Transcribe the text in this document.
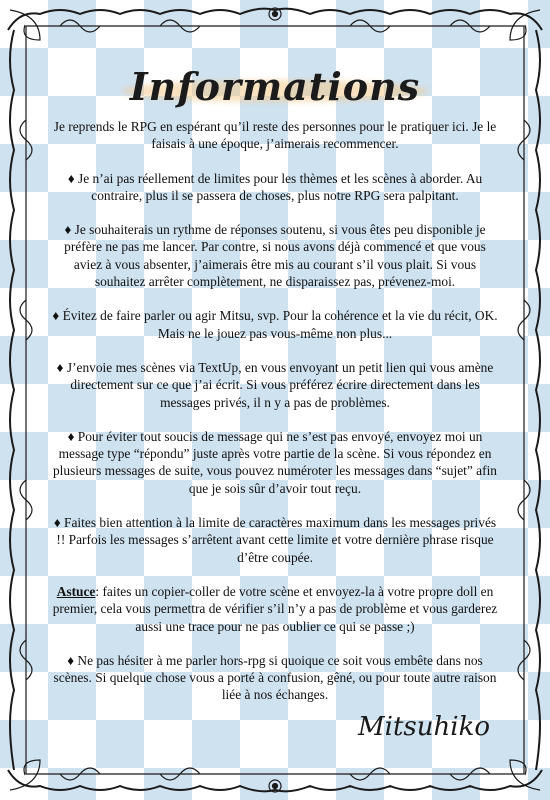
Informations

Je reprends le RPG en espérant qu’il reste des personnes pour le pratiquer ici. Je le faisais à une époque, j’aimerais recommencer.

♦ Je n’ai pas réellement de limites pour les thèmes et les scènes à aborder. Au contraire, plus il se passera de choses, plus notre RPG sera palpitant.

♦ Je souhaiterais un rythme de réponses soutenu, si vous êtes peu disponible je préfère ne pas me lancer. Par contre, si nous avons déjà commencé et que vous aviez à vous absenter, j’aimerais être mis au courant s’il vous plait. Si vous souhaitez arrêter complètement, ne disparaissez pas, prévenez-moi.

♦ Évitez de faire parler ou agir Mitsu, svp. Pour la cohérence et la vie du récit, OK. Mais ne le jouez pas vous-même non plus...

♦ J’envoie mes scènes via TextUp, en vous envoyant un petit lien qui vous amène directement sur ce que j’ai écrit. Si vous préférez écrire directement dans les messages privés, il n y a pas de problèmes.

♦ Pour éviter tout soucis de message qui ne s’est pas envoyé, envoyez moi un message type “répondu” juste après votre partie de la scène. Si vous répondez en plusieurs messages de suite, vous pouvez numéroter les messages dans “sujet” afin que je sois sûr d’avoir tout reçu.

♦ Faites bien attention à la limite de caractères maximum dans les messages privés !! Parfois les messages s’arrêtent avant cette limite et votre dernière phrase risque d’être coupée.

Astuce: faites un copier-coller de votre scène et envoyez-la à votre propre doll en premier, cela vous permettra de vérifier s’il n’y a pas de problème et vous garderez aussi une trace pour ne pas oublier ce qui se passe ;)

♦ Ne pas hésiter à me parler hors-rpg si quoique ce soit vous embête dans nos scènes. Si quelque chose vous a porté à confusion, gêné, ou pour toute autre raison liée à nos échanges.

Mitsuhiko
